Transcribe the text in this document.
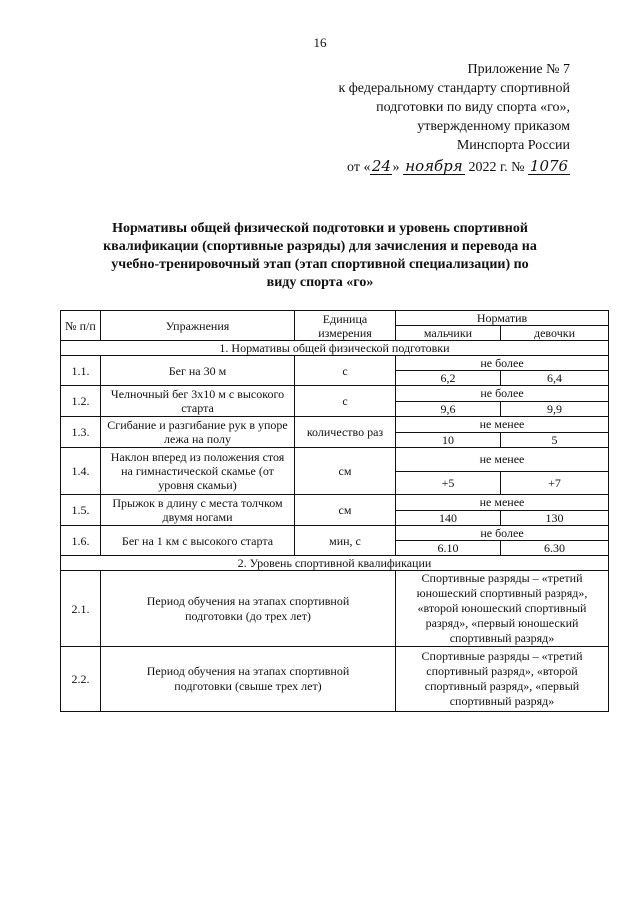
16
Приложение № 7
к федеральному стандарту спортивной
подготовки по виду спорта «го»,
утвержденному приказом
Минспорта России
от «24» ноября 2022 г. № 1076
Нормативы общей физической подготовки и уровень спортивной квалификации (спортивные разряды) для зачисления и перевода на учебно-тренировочный этап (этап спортивной специализации) по виду спорта «го»
№ п/п	Упражнения	Единица измерения	Норматив	
			мальчики	девочки
1. Нормативы общей физической подготовки				
1.1.	Бег на 30 м	с	не более	
			6,2	6,4
1.2.	Челночный бег 3х10 м с высокого старта	с	не более	
			9,6	9,9
1.3.	Сгибание и разгибание рук в упоре лежа на полу	количество раз	не менее	
			10	5
1.4.	Наклон вперед из положения стоя на гимнастической скамье (от уровня скамьи)	см	не менее	
			+5	+7
1.5.	Прыжок в длину с места толчком двумя ногами	см	не менее	
			140	130
1.6.	Бег на 1 км с высокого старта	мин, с	не более	
			6.10	6.30
2. Уровень спортивной квалификации				
2.1.	Период обучения на этапах спортивной подготовки (до трех лет)		Спортивные разряды – «третий юношеский спортивный разряд», «второй юношеский спортивный разряд», «первый юношеский спортивный разряд»	
2.2.	Период обучения на этапах спортивной подготовки (свыше трех лет)		Спортивные разряды – «третий спортивный разряд», «второй спортивный разряд», «первый спортивный разряд»	
